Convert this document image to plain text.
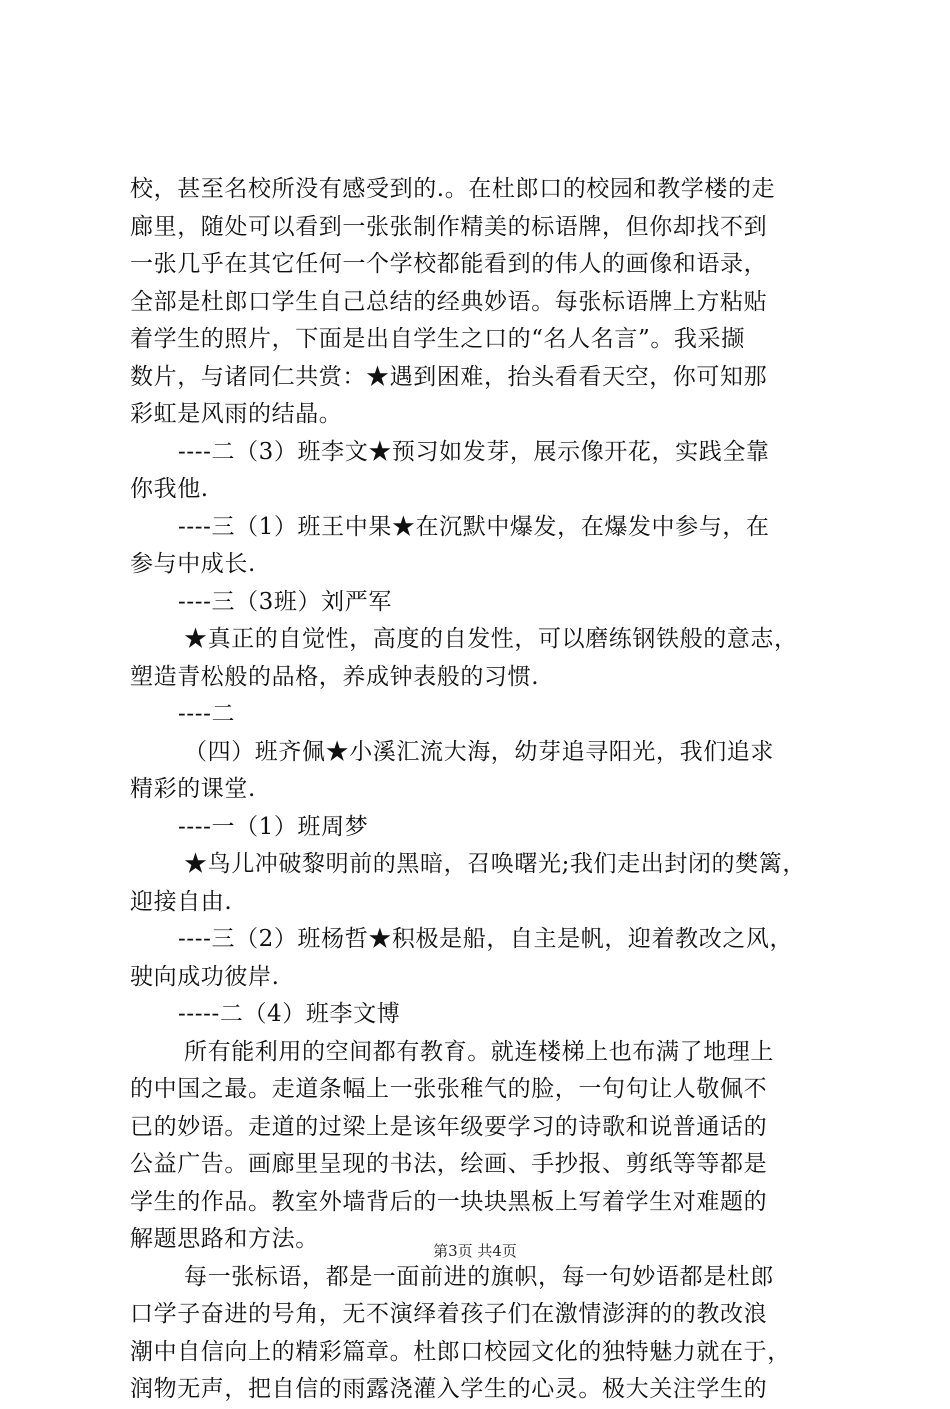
校，甚至名校所没有感受到的.。在杜郎口的校园和教学楼的走
廊里，随处可以看到一张张制作精美的标语牌，但你却找不到
一张几乎在其它任何一个学校都能看到的伟人的画像和语录，
全部是杜郎口学生自己总结的经典妙语。每张标语牌上方粘贴
着学生的照片，下面是出自学生之口的“名人名言”。我采撷
数片，与诸同仁共赏：★遇到困难，抬头看看天空，你可知那
彩虹是风雨的结晶。
----二（3）班李文★预习如发芽，展示像开花，实践全靠
你我他.
----三（1）班王中果★在沉默中爆发，在爆发中参与，在
参与中成长.
----三（3班）刘严军
★真正的自觉性，高度的自发性，可以磨练钢铁般的意志，
塑造青松般的品格，养成钟表般的习惯.
----二
（四）班齐佩★小溪汇流大海，幼芽追寻阳光，我们追求
精彩的课堂.
----一（1）班周梦
★鸟儿冲破黎明前的黑暗，召唤曙光;我们走出封闭的樊篱，
迎接自由.
----三（2）班杨哲★积极是船，自主是帆，迎着教改之风，
驶向成功彼岸.
-----二（4）班李文博
所有能利用的空间都有教育。就连楼梯上也布满了地理上
的中国之最。走道条幅上一张张稚气的脸，一句句让人敬佩不
已的妙语。走道的过梁上是该年级要学习的诗歌和说普通话的
公益广告。画廊里呈现的书法，绘画、手抄报、剪纸等等都是
学生的作品。教室外墙背后的一块块黑板上写着学生对难题的
解题思路和方法。
每一张标语，都是一面前进的旗帜，每一句妙语都是杜郎
口学子奋进的号角，无不演绎着孩子们在激情澎湃的的教改浪
潮中自信向上的精彩篇章。杜郎口校园文化的独特魅力就在于，
润物无声，把自信的雨露浇灌入学生的心灵。极大关注学生的
第3页 共4页
